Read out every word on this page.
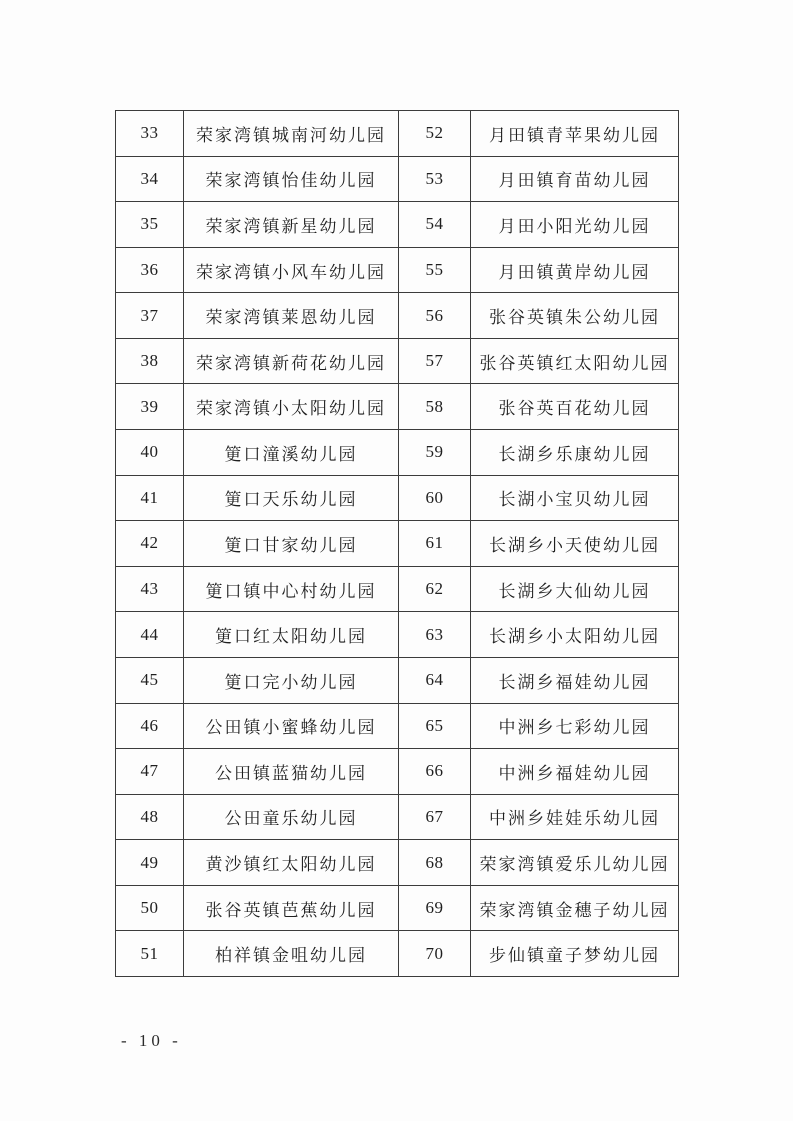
33	荣家湾镇城南河幼儿园	52	月田镇青苹果幼儿园
34	荣家湾镇怡佳幼儿园	53	月田镇育苗幼儿园
35	荣家湾镇新星幼儿园	54	月田小阳光幼儿园
36	荣家湾镇小风车幼儿园	55	月田镇黄岸幼儿园
37	荣家湾镇莱恩幼儿园	56	张谷英镇朱公幼儿园
38	荣家湾镇新荷花幼儿园	57	张谷英镇红太阳幼儿园
39	荣家湾镇小太阳幼儿园	58	张谷英百花幼儿园
40	筻口潼溪幼儿园	59	长湖乡乐康幼儿园
41	筻口天乐幼儿园	60	长湖小宝贝幼儿园
42	筻口甘家幼儿园	61	长湖乡小天使幼儿园
43	筻口镇中心村幼儿园	62	长湖乡大仙幼儿园
44	筻口红太阳幼儿园	63	长湖乡小太阳幼儿园
45	筻口完小幼儿园	64	长湖乡福娃幼儿园
46	公田镇小蜜蜂幼儿园	65	中洲乡七彩幼儿园
47	公田镇蓝猫幼儿园	66	中洲乡福娃幼儿园
48	公田童乐幼儿园	67	中洲乡娃娃乐幼儿园
49	黄沙镇红太阳幼儿园	68	荣家湾镇爱乐儿幼儿园
50	张谷英镇芭蕉幼儿园	69	荣家湾镇金穗子幼儿园
51	柏祥镇金咀幼儿园	70	步仙镇童子梦幼儿园
- 10 -
